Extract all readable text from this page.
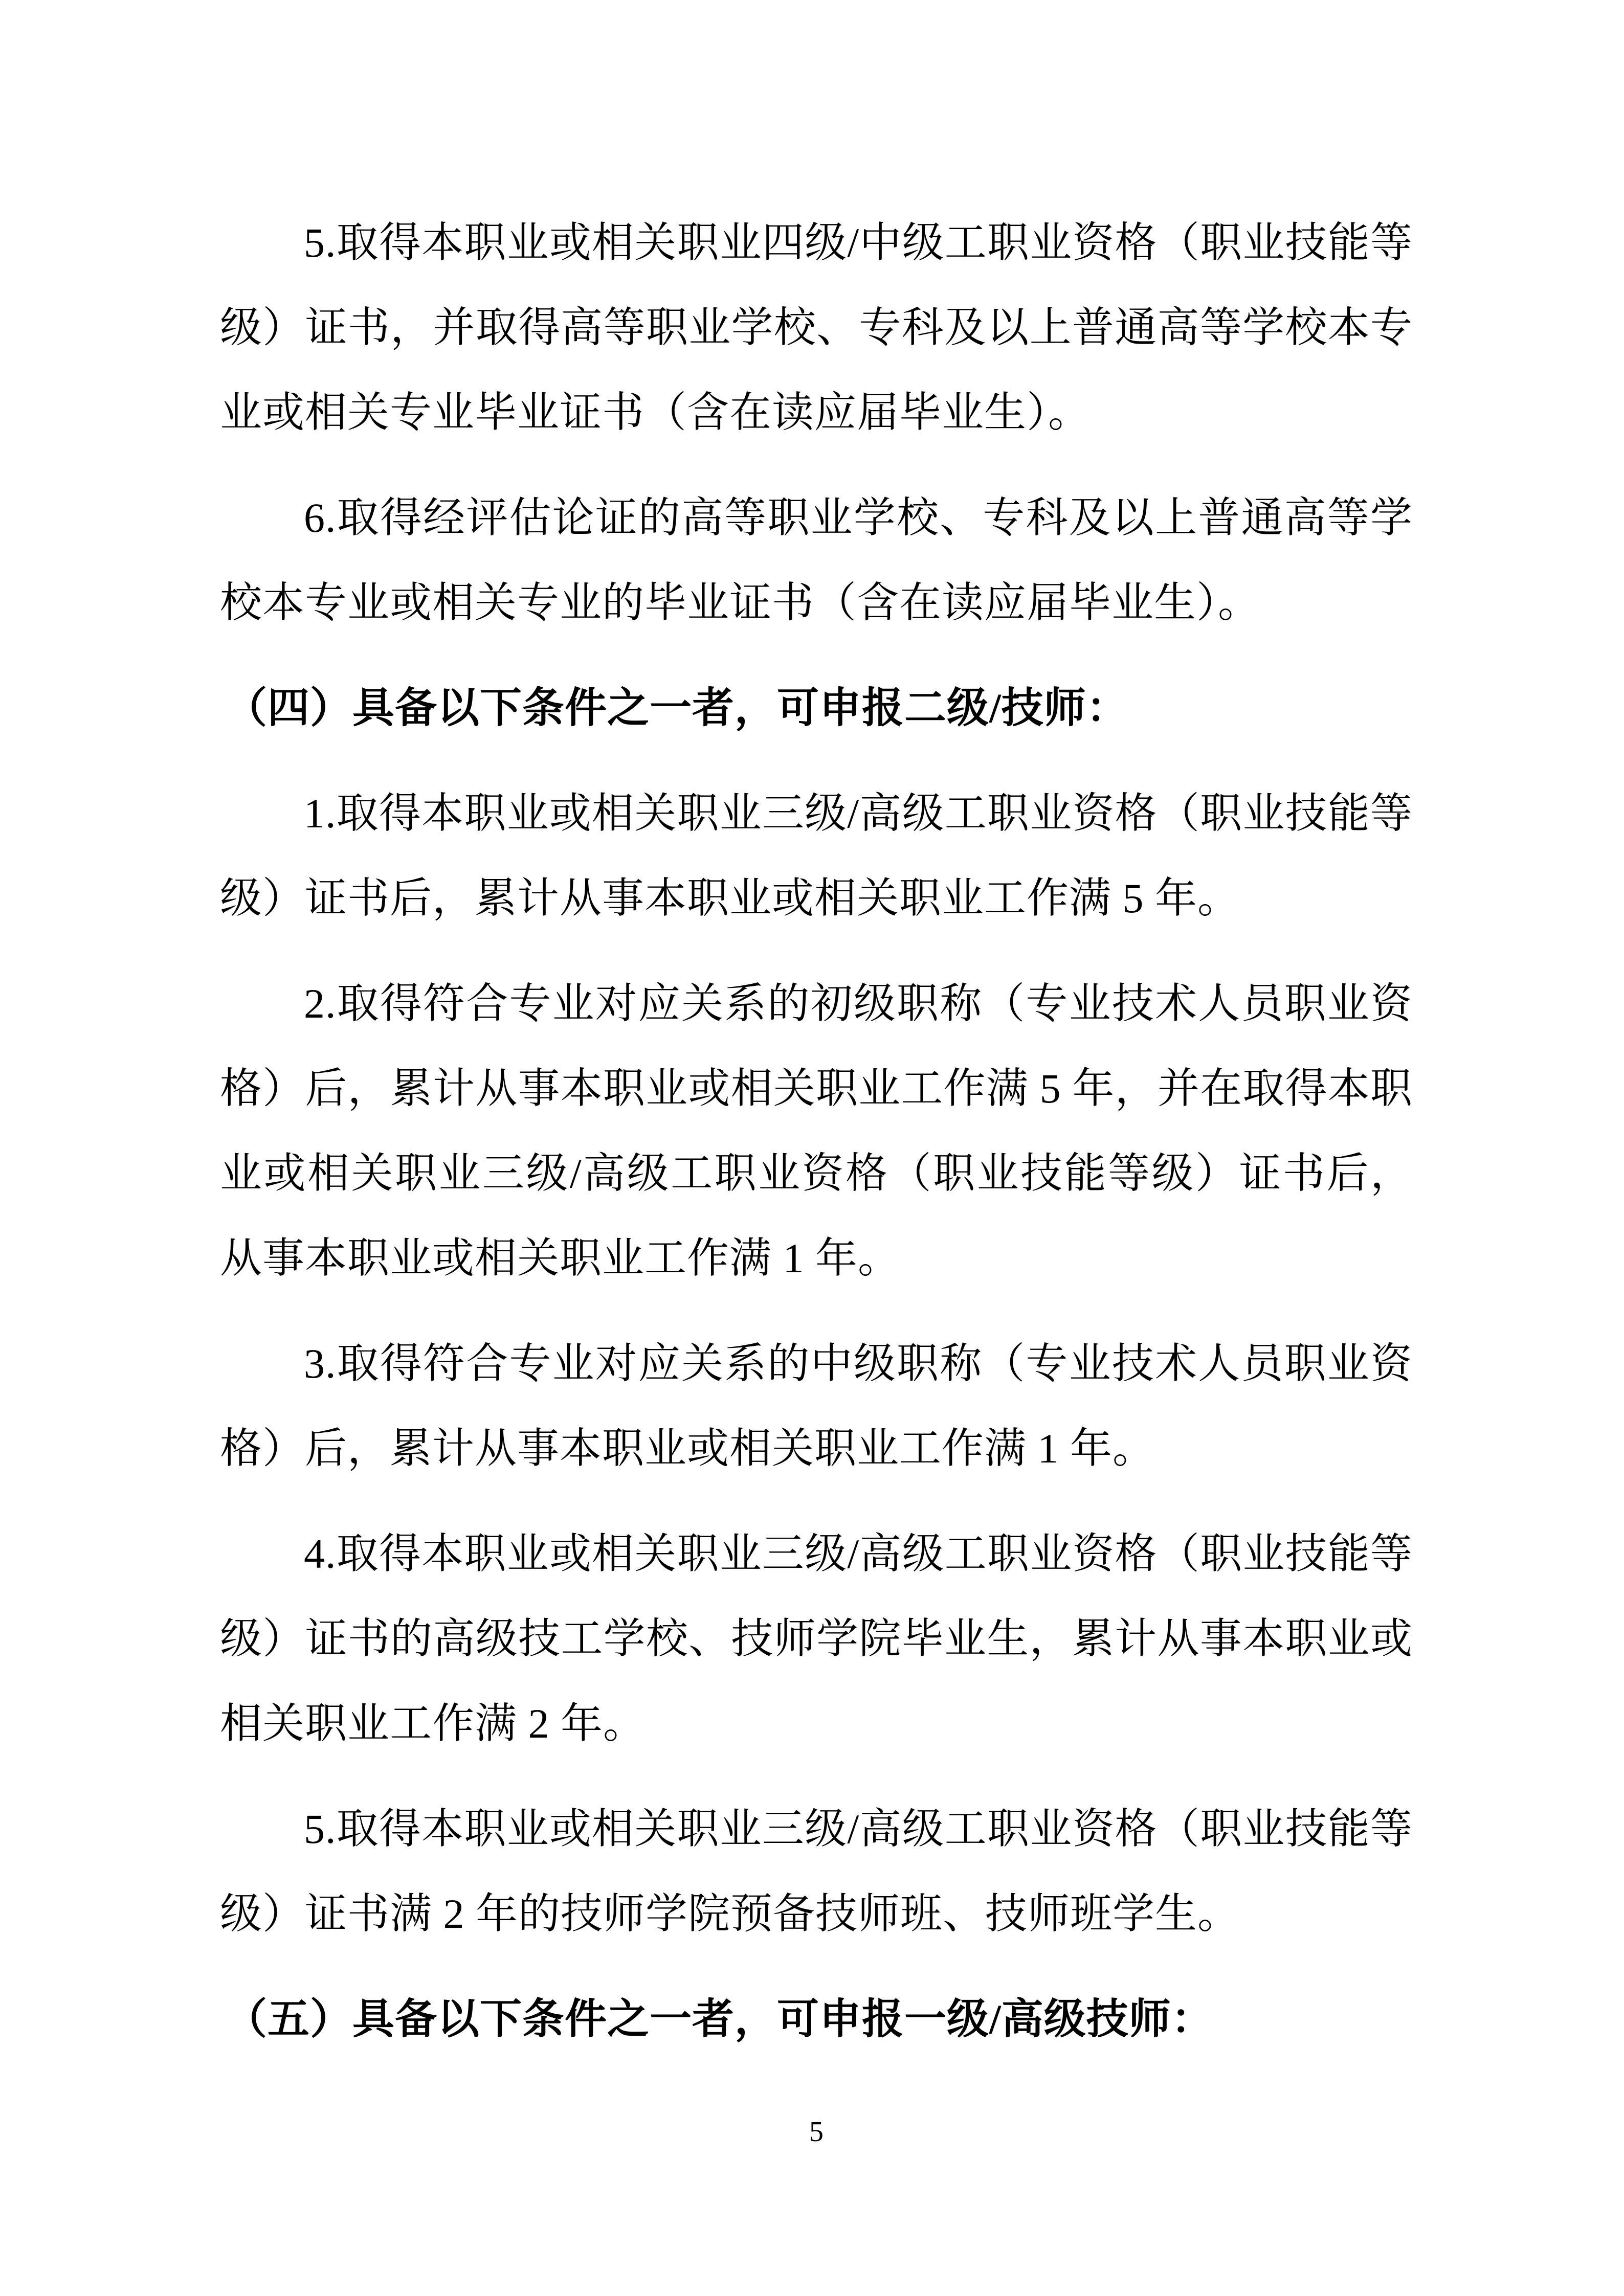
5.取得本职业或相关职业四级/中级工职业资格（职业技能等级）证书，并取得高等职业学校、专科及以上普通高等学校本专业或相关专业毕业证书（含在读应届毕业生）。

6.取得经评估论证的高等职业学校、专科及以上普通高等学校本专业或相关专业的毕业证书（含在读应届毕业生）。

（四）具备以下条件之一者，可申报二级/技师：

1.取得本职业或相关职业三级/高级工职业资格（职业技能等级）证书后，累计从事本职业或相关职业工作满 5 年。

2.取得符合专业对应关系的初级职称（专业技术人员职业资格）后，累计从事本职业或相关职业工作满 5 年，并在取得本职业或相关职业三级/高级工职业资格（职业技能等级）证书后，从事本职业或相关职业工作满 1 年。

3.取得符合专业对应关系的中级职称（专业技术人员职业资格）后，累计从事本职业或相关职业工作满 1 年。

4.取得本职业或相关职业三级/高级工职业资格（职业技能等级）证书的高级技工学校、技师学院毕业生，累计从事本职业或相关职业工作满 2 年。

5.取得本职业或相关职业三级/高级工职业资格（职业技能等级）证书满 2 年的技师学院预备技师班、技师班学生。

（五）具备以下条件之一者，可申报一级/高级技师：

5
